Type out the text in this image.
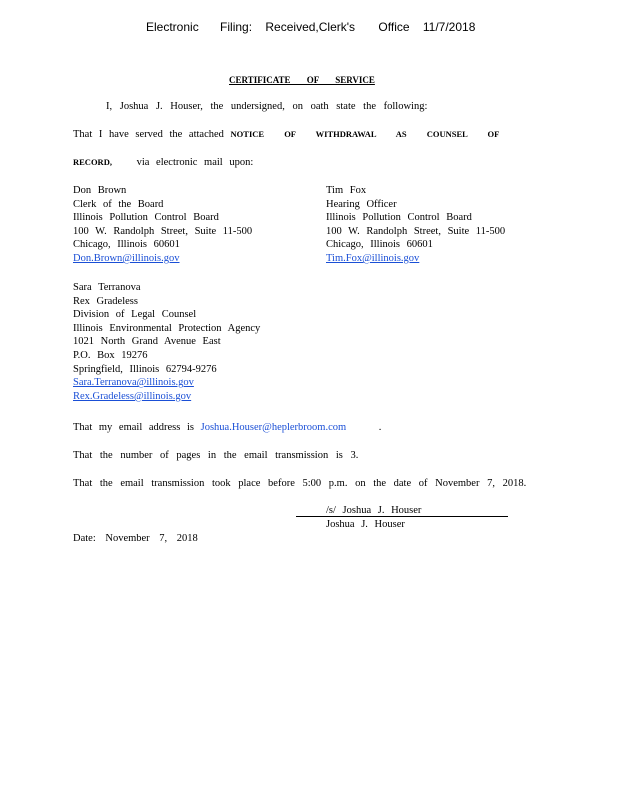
Electronic Filing: Received,Clerk's Office 11/7/2018
CERTIFICATE OF SERVICE
I, Joshua J. Houser, the undersigned, on oath state the following:
That I have served the attached NOTICE OF WITHDRAWAL AS COUNSEL OF
RECORD, via electronic mail upon:
Don Brown
Clerk of the Board
Illinois Pollution Control Board
100 W. Randolph Street, Suite 11-500
Chicago, Illinois 60601
Don.Brown@illinois.gov
Tim Fox
Hearing Officer
Illinois Pollution Control Board
100 W. Randolph Street, Suite 11-500
Chicago, Illinois 60601
Tim.Fox@illinois.gov
Sara Terranova
Rex Gradeless
Division of Legal Counsel
Illinois Environmental Protection Agency
1021 North Grand Avenue East
P.O. Box 19276
Springfield, Illinois 62794-9276
Sara.Terranova@illinois.gov
Rex.Gradeless@illinois.gov
That my email address is Joshua.Houser@heplerbroom.com	.
That the number of pages in the email transmission is 3.
That the email transmission took place before 5:00 p.m. on the date of November 7, 2018.
/s/ Joshua J. Houser
Joshua J. Houser
Date: November 7, 2018
